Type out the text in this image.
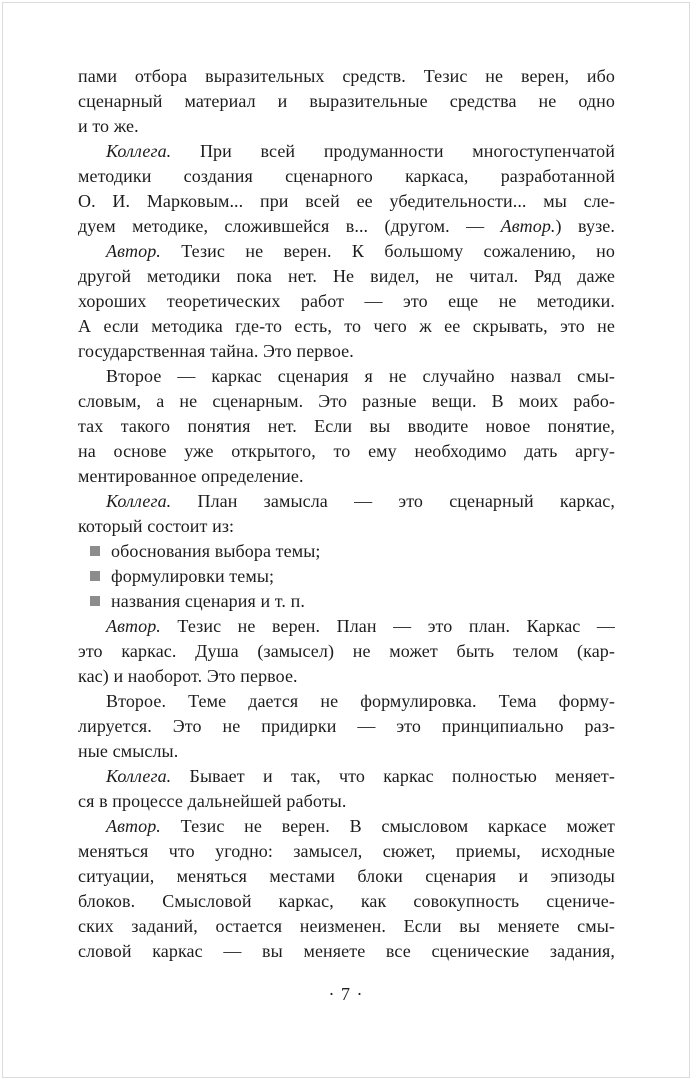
пами отбора выразительных средств. Тезис не верен, ибо
сценарный материал и выразительные средства не одно
и то же.
Коллега. При всей продуманности многоступенчатой
методики создания сценарного каркаса, разработанной
О. И. Марковым... при всей ее убедительности... мы сле-
дуем методике, сложившейся в... (другом. — Автор.) вузе.
Автор. Тезис не верен. К большому сожалению, но
другой методики пока нет. Не видел, не читал. Ряд даже
хороших теоретических работ — это еще не методики.
А если методика где-то есть, то чего ж ее скрывать, это не
государственная тайна. Это первое.
Второе — каркас сценария я не случайно назвал смы-
словым, а не сценарным. Это разные вещи. В моих рабо-
тах такого понятия нет. Если вы вводите новое понятие,
на основе уже открытого, то ему необходимо дать аргу-
ментированное определение.
Коллега. План замысла — это сценарный каркас,
который состоит из:
обоснования выбора темы;
формулировки темы;
названия сценария и т. п.
Автор. Тезис не верен. План — это план. Каркас —
это каркас. Душа (замысел) не может быть телом (кар-
кас) и наоборот. Это первое.
Второе. Теме дается не формулировка. Тема форму-
лируется. Это не придирки — это принципиально раз-
ные смыслы.
Коллега. Бывает и так, что каркас полностью меняет-
ся в процессе дальнейшей работы.
Автор. Тезис не верен. В смысловом каркасе может
меняться что угодно: замысел, сюжет, приемы, исходные
ситуации, меняться местами блоки сценария и эпизоды
блоков. Смысловой каркас, как совокупность сцениче-
ских заданий, остается неизменен. Если вы меняете смы-
словой каркас — вы меняете все сценические задания,
· 7 ·
